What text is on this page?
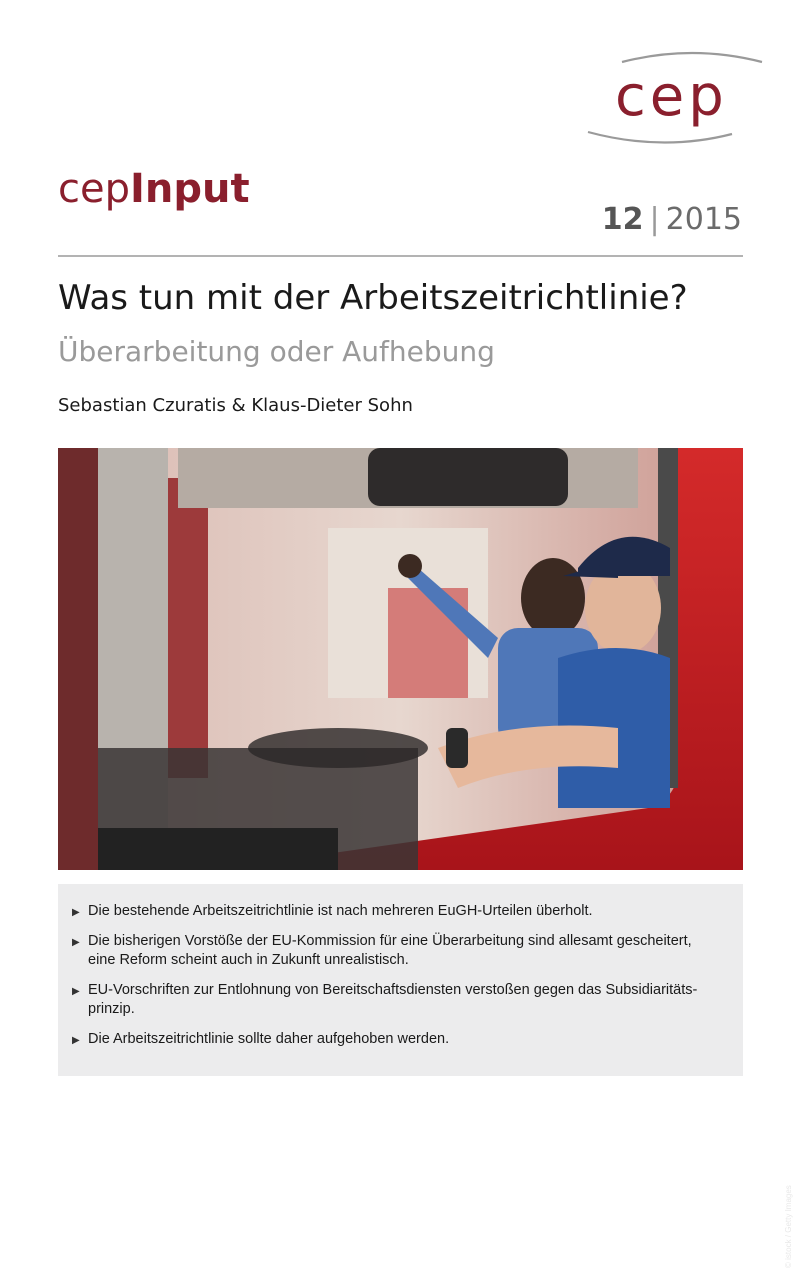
cep
cepInput
12 | 2015
Was tun mit der Arbeitszeitrichtlinie?
Überarbeitung oder Aufhebung
Sebastian Czuratis & Klaus-Dieter Sohn
© istock / Getty Images
▶ Die bestehende Arbeitszeitrichtlinie ist nach mehreren EuGH-Urteilen überholt.
▶ Die bisherigen Vorstöße der EU-Kommission für eine Überarbeitung sind allesamt gescheitert, eine Reform scheint auch in Zukunft unrealistisch.
▶ EU-Vorschriften zur Entlohnung von Bereitschaftsdiensten verstoßen gegen das Subsidiaritäts-prinzip.
▶ Die Arbeitszeitrichtlinie sollte daher aufgehoben werden.
